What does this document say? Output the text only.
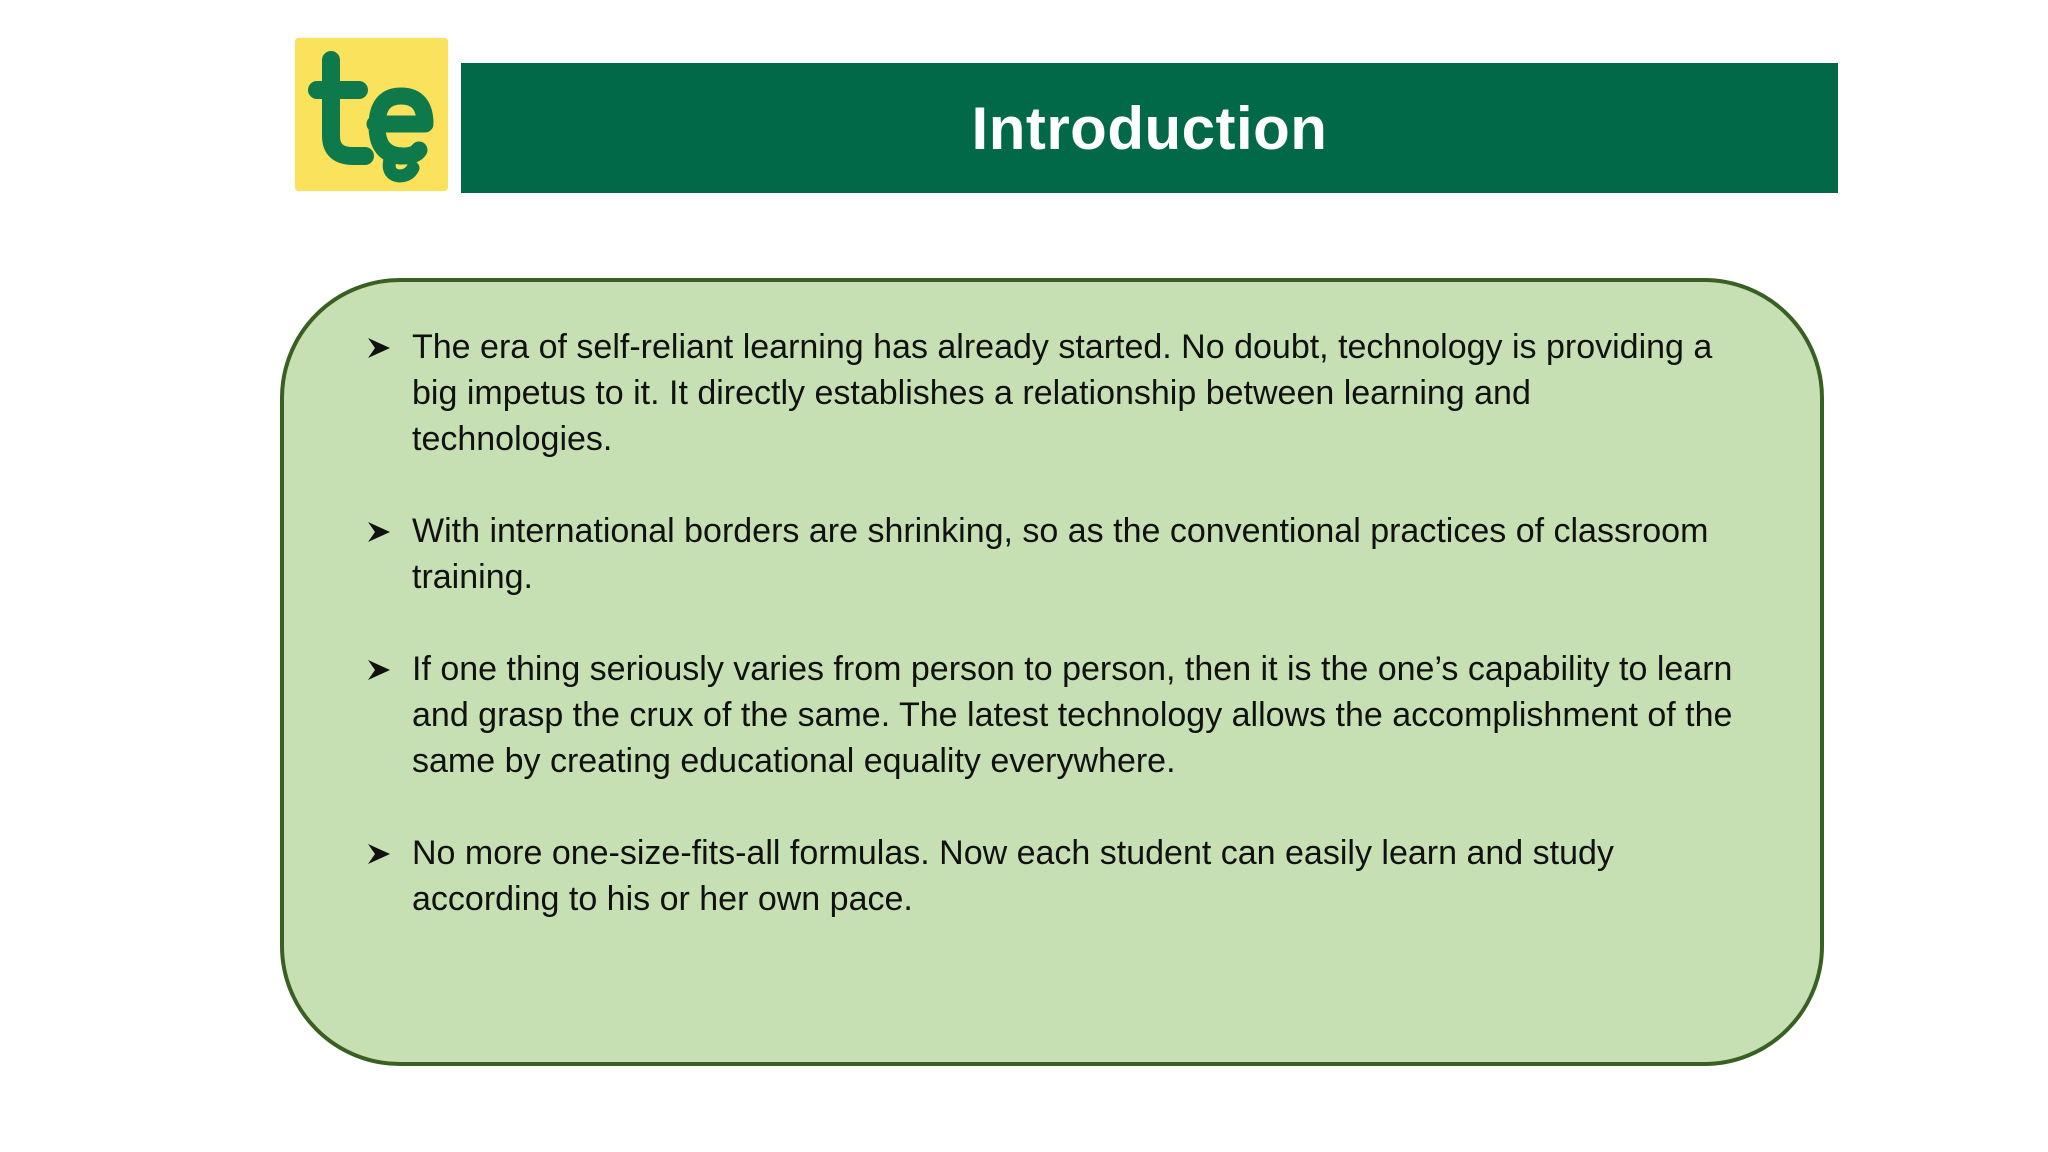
Introduction
The era of self-reliant learning has already started. No doubt, technology is providing a big impetus to it. It directly establishes a relationship between learning and technologies.
With international borders are shrinking, so as the conventional practices of classroom training.
If one thing seriously varies from person to person, then it is the one’s capability to learn and grasp the crux of the same. The latest technology allows the accomplishment of the same by creating educational equality everywhere.
No more one-size-fits-all formulas. Now each student can easily learn and study according to his or her own pace.
